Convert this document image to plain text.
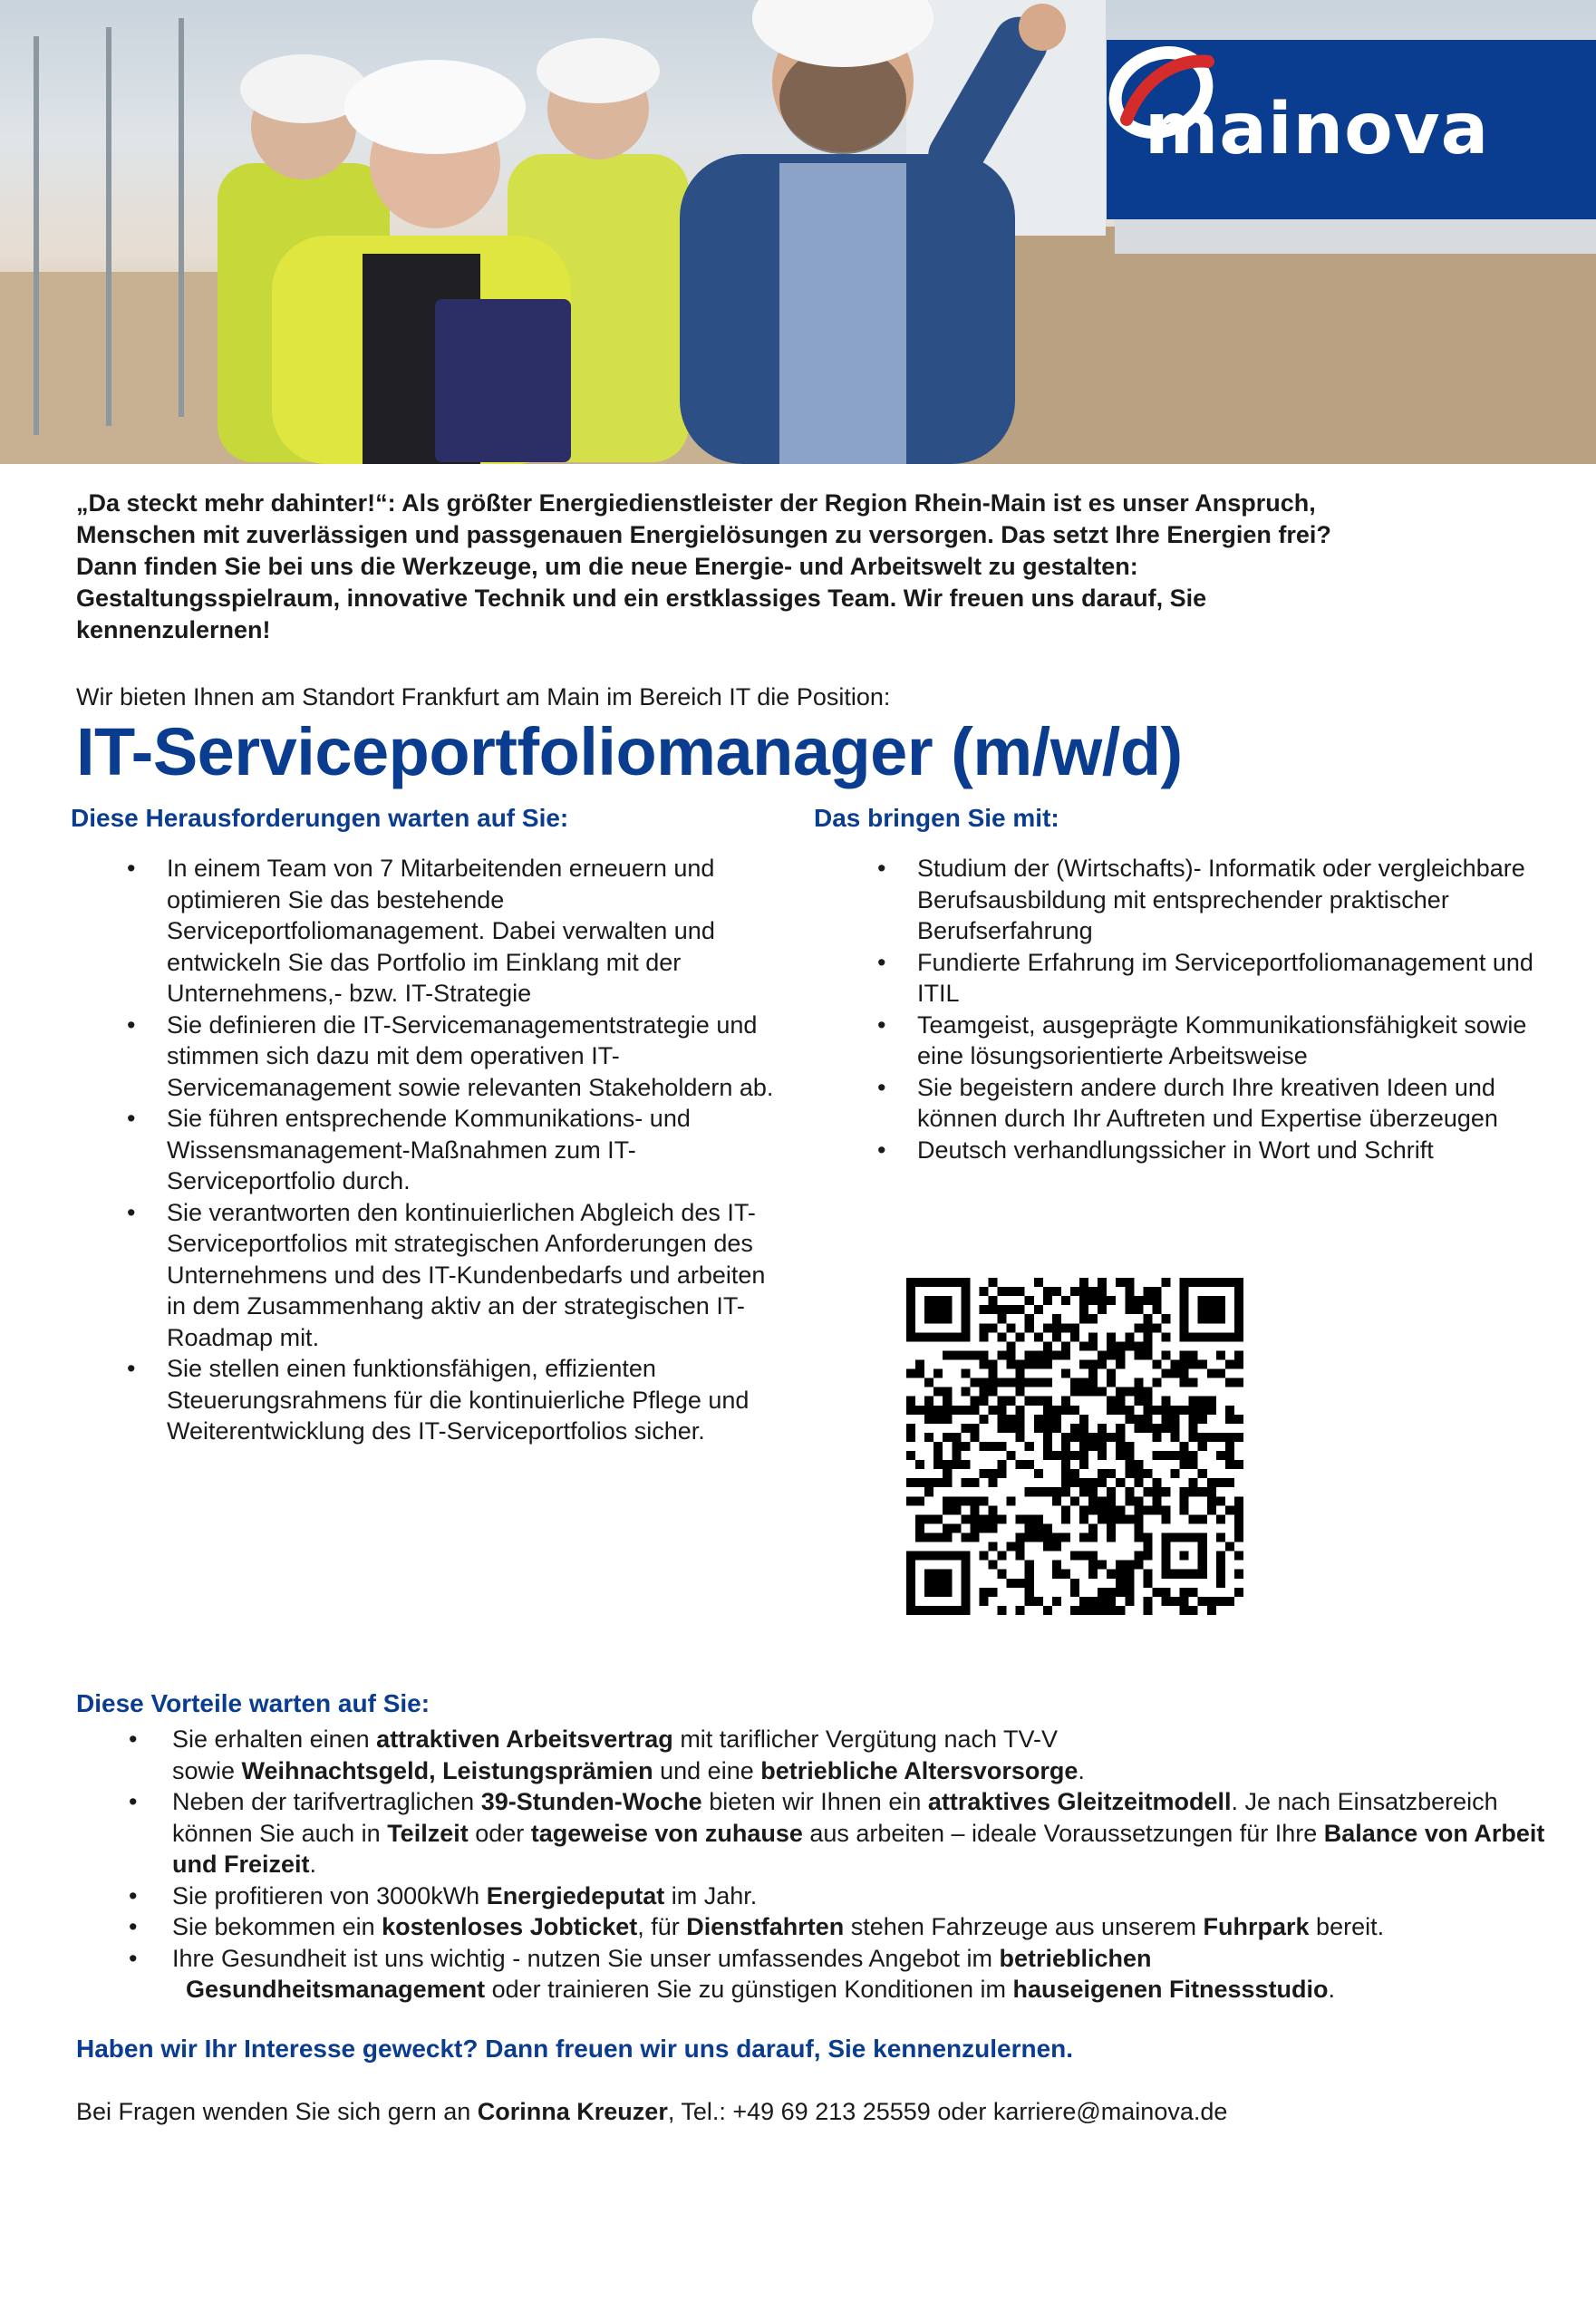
mainova

„Da steckt mehr dahinter!“: Als größter Energiedienstleister der Region Rhein-Main ist es unser Anspruch, Menschen mit zuverlässigen und passgenauen Energielösungen zu versorgen. Das setzt Ihre Energien frei? Dann finden Sie bei uns die Werkzeuge, um die neue Energie- und Arbeitswelt zu gestalten: Gestaltungsspielraum, innovative Technik und ein erstklassiges Team. Wir freuen uns darauf, Sie kennenzulernen!

Wir bieten Ihnen am Standort Frankfurt am Main im Bereich IT die Position:

IT-Serviceportfoliomanager (m/w/d)
Diese Herausforderungen warten auf Sie:
• In einem Team von 7 Mitarbeitenden erneuern und optimieren Sie das bestehende Serviceportfoliomanagement. Dabei verwalten und entwickeln Sie das Portfolio im Einklang mit der Unternehmens,- bzw. IT-Strategie
• Sie definieren die IT-Servicemanagementstrategie und stimmen sich dazu mit dem operativen IT-Servicemanagement sowie relevanten Stakeholdern ab.
• Sie führen entsprechende Kommunikations- und Wissensmanagement-Maßnahmen zum IT-Serviceportfolio durch.
• Sie verantworten den kontinuierlichen Abgleich des IT-Serviceportfolios mit strategischen Anforderungen des Unternehmens und des IT-Kundenbedarfs und arbeiten in dem Zusammenhang aktiv an der strategischen IT-Roadmap mit.
• Sie stellen einen funktionsfähigen, effizienten Steuerungsrahmens für die kontinuierliche Pflege und Weiterentwicklung des IT-Serviceportfolios sicher.
Das bringen Sie mit:
• Studium der (Wirtschafts)- Informatik oder vergleichbare Berufsausbildung mit entsprechender praktischer Berufserfahrung
• Fundierte Erfahrung im Serviceportfoliomanagement und ITIL
• Teamgeist, ausgeprägte Kommunikationsfähigkeit sowie eine lösungsorientierte Arbeitsweise
• Sie begeistern andere durch Ihre kreativen Ideen und können durch Ihr Auftreten und Expertise überzeugen
• Deutsch verhandlungssicher in Wort und Schrift
Diese Vorteile warten auf Sie:
• Sie erhalten einen attraktiven Arbeitsvertrag mit tariflicher Vergütung nach TV-V
sowie Weihnachtsgeld, Leistungsprämien und eine betriebliche Altersvorsorge.
• Neben der tarifvertraglichen 39-Stunden-Woche bieten wir Ihnen ein attraktives Gleitzeitmodell. Je nach Einsatzbereich können Sie auch in Teilzeit oder tageweise von zuhause aus arbeiten – ideale Voraussetzungen für Ihre Balance von Arbeit und Freizeit.
• Sie profitieren von 3000kWh Energiedeputat im Jahr.
• Sie bekommen ein kostenloses Jobticket, für Dienstfahrten stehen Fahrzeuge aus unserem Fuhrpark bereit.
• Ihre Gesundheit ist uns wichtig - nutzen Sie unser umfassendes Angebot im betrieblichen
Gesundheitsmanagement oder trainieren Sie zu günstigen Konditionen im hauseigenen Fitnessstudio.

Haben wir Ihr Interesse geweckt? Dann freuen wir uns darauf, Sie kennenzulernen.

Bei Fragen wenden Sie sich gern an Corinna Kreuzer, Tel.: +49 69 213 25559 oder karriere@mainova.de
